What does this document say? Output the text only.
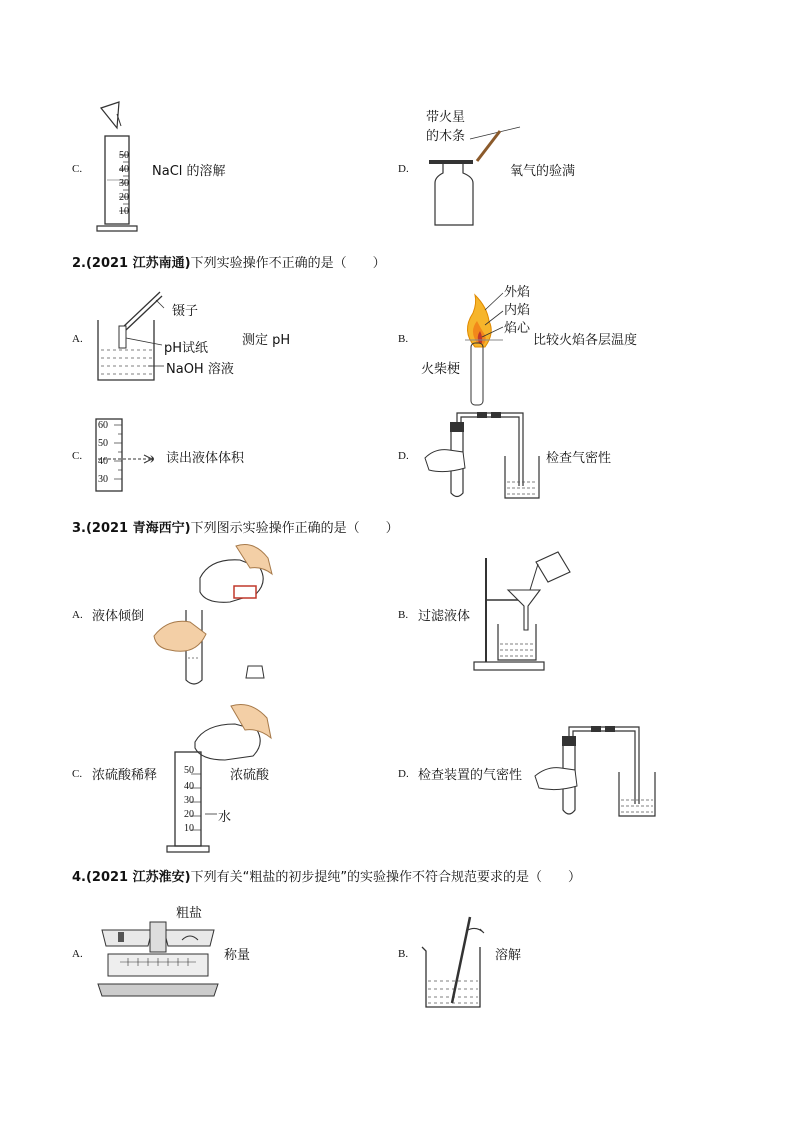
C.
50
40
30
20
10
NaCl 的溶解	D.
带火星
的木条
氧气的验满
2.(2021 江苏南通)下列实验操作不正确的是（　　）
A.
镊子
pH试纸
NaOH 溶液
测定 pH	B.
外焰
内焰
焰心
火柴梗
比较火焰各层温度
C.
60
50
40
30
读出液体体积	D.	检查气密性
3.(2021 青海西宁)下列图示实验操作正确的是（　　）
A. 液体倾倒	B. 过滤液体
C. 浓硫酸稀释	50
40
30
20
10
浓硫酸
水
D. 检查装置的气密性
4.(2021 江苏淮安)下列有关“粗盐的初步提纯”的实验操作不符合规范要求的是（　　）
A.
粗盐
称量	B.	溶解
